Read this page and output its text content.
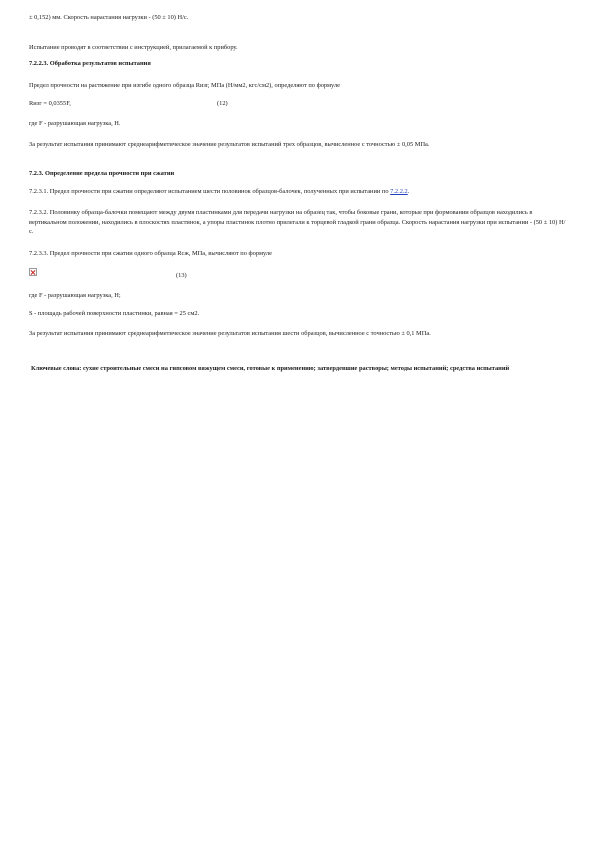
± 0,152) мм. Скорость нарастания нагрузки - (50 ± 10) Н/с.
Испытание проводят в соответствии с инструкцией, прилагаемой к прибору.
7.2.2.3. Обработка результатов испытания
Предел прочности на растяжение при изгибе одного образца Rизг, МПа (Н/мм2, кгс/см2), определяют по формуле
Rизг = 0,0355F,	(12)
где F - разрушающая нагрузка, Н.
За результат испытания принимают среднеарифметическое значение результатов испытаний трех образцов, вычисленное с точностью ± 0,05 МПа.
7.2.3. Определение предела прочности при сжатии
7.2.3.1. Предел прочности при сжатии определяют испытанием шести половинок образцов-балочек, полученных при испытании по 7.2.2.2.
7.2.3.2. Половинку образца-балочки помещают между двумя пластинками для передачи нагрузки на образец так, чтобы боковые грани, которые при формовании образцов находились в вертикальном положении, находились в плоскостях пластинок, а упоры пластинок плотно прилегали к торцевой гладкой грани образца. Скорость нарастания нагрузки при испытании - (50 ± 10) Н/с.
7.2.3.3. Предел прочности при сжатии одного образца Rсж, МПа, вычисляют по формуле
(13)
где F - разрушающая нагрузка, Н;
S - площадь рабочей поверхности пластинки, равная = 25 см2.
За результат испытания принимают среднеарифметическое значение результатов испытания шести образцов, вычисленное с точностью ± 0,1 МПа.
Ключевые слова: сухие строительные смеси на гипсовом вяжущем смеси, готовые к применению; затвердевшие растворы; методы испытаний; средства испытаний
